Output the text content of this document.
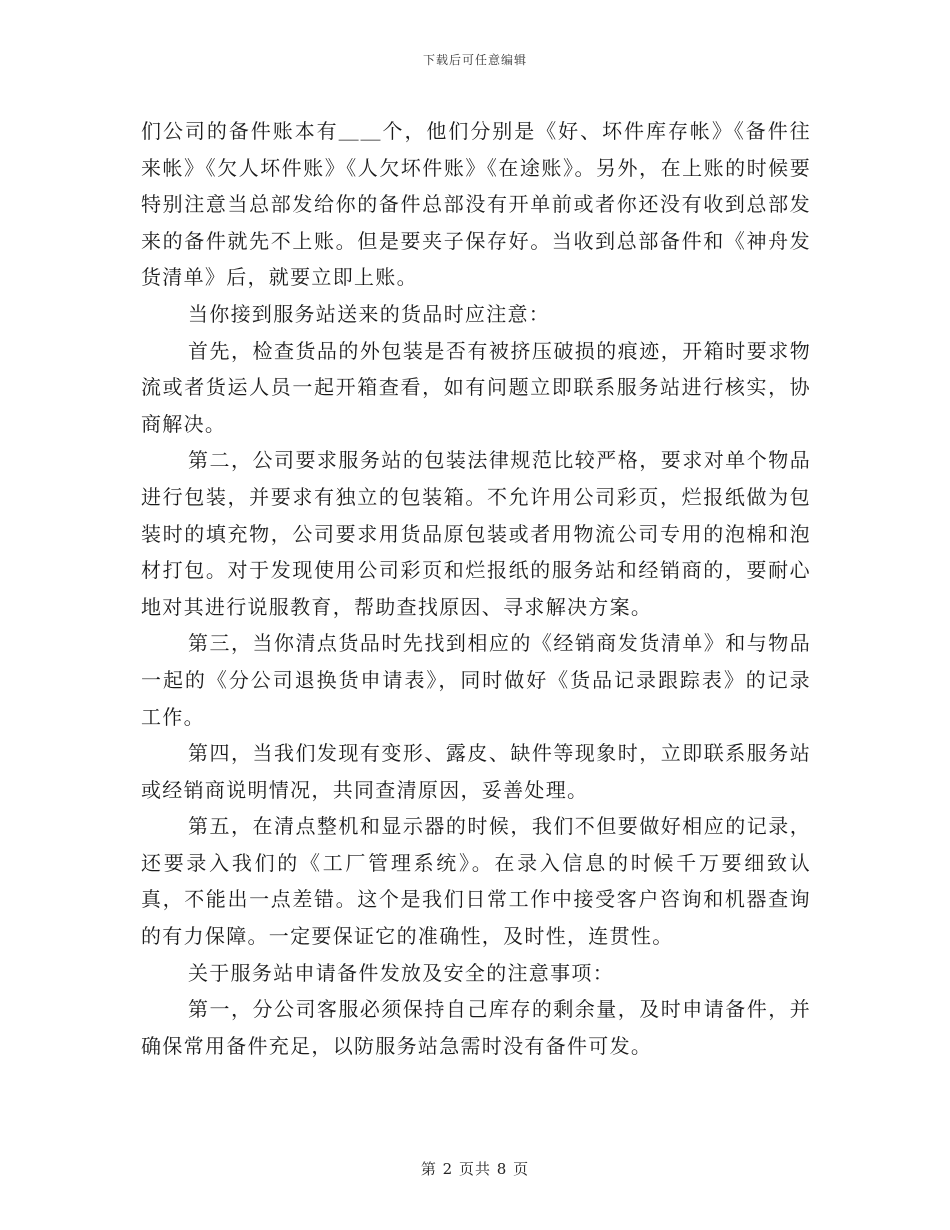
下载后可任意编辑

们公司的备件账本有＿＿个，他们分别是《好、坏件库存帐》《备件往来帐》《欠人坏件账》《人欠坏件账》《在途账》。另外，在上账的时候要特别注意当总部发给你的备件总部没有开单前或者你还没有收到总部发来的备件就先不上账。但是要夹子保存好。当收到总部备件和《神舟发货清单》后，就要立即上账。

当你接到服务站送来的货品时应注意：

首先，检查货品的外包装是否有被挤压破损的痕迹，开箱时要求物流或者货运人员一起开箱查看，如有问题立即联系服务站进行核实，协商解决。

第二，公司要求服务站的包装法律规范比较严格，要求对单个物品进行包装，并要求有独立的包装箱。不允许用公司彩页，烂报纸做为包装时的填充物，公司要求用货品原包装或者用物流公司专用的泡棉和泡材打包。对于发现使用公司彩页和烂报纸的服务站和经销商的，要耐心地对其进行说服教育，帮助查找原因、寻求解决方案。

第三，当你清点货品时先找到相应的《经销商发货清单》和与物品一起的《分公司退换货申请表》，同时做好《货品记录跟踪表》的记录工作。

第四，当我们发现有变形、露皮、缺件等现象时，立即联系服务站或经销商说明情况，共同查清原因，妥善处理。

第五，在清点整机和显示器的时候，我们不但要做好相应的记录，还要录入我们的《工厂管理系统》。在录入信息的时候千万要细致认真，不能出一点差错。这个是我们日常工作中接受客户咨询和机器查询的有力保障。一定要保证它的准确性，及时性，连贯性。

关于服务站申请备件发放及安全的注意事项：

第一，分公司客服必须保持自己库存的剩余量，及时申请备件，并确保常用备件充足，以防服务站急需时没有备件可发。

第 2 页共 8 页
